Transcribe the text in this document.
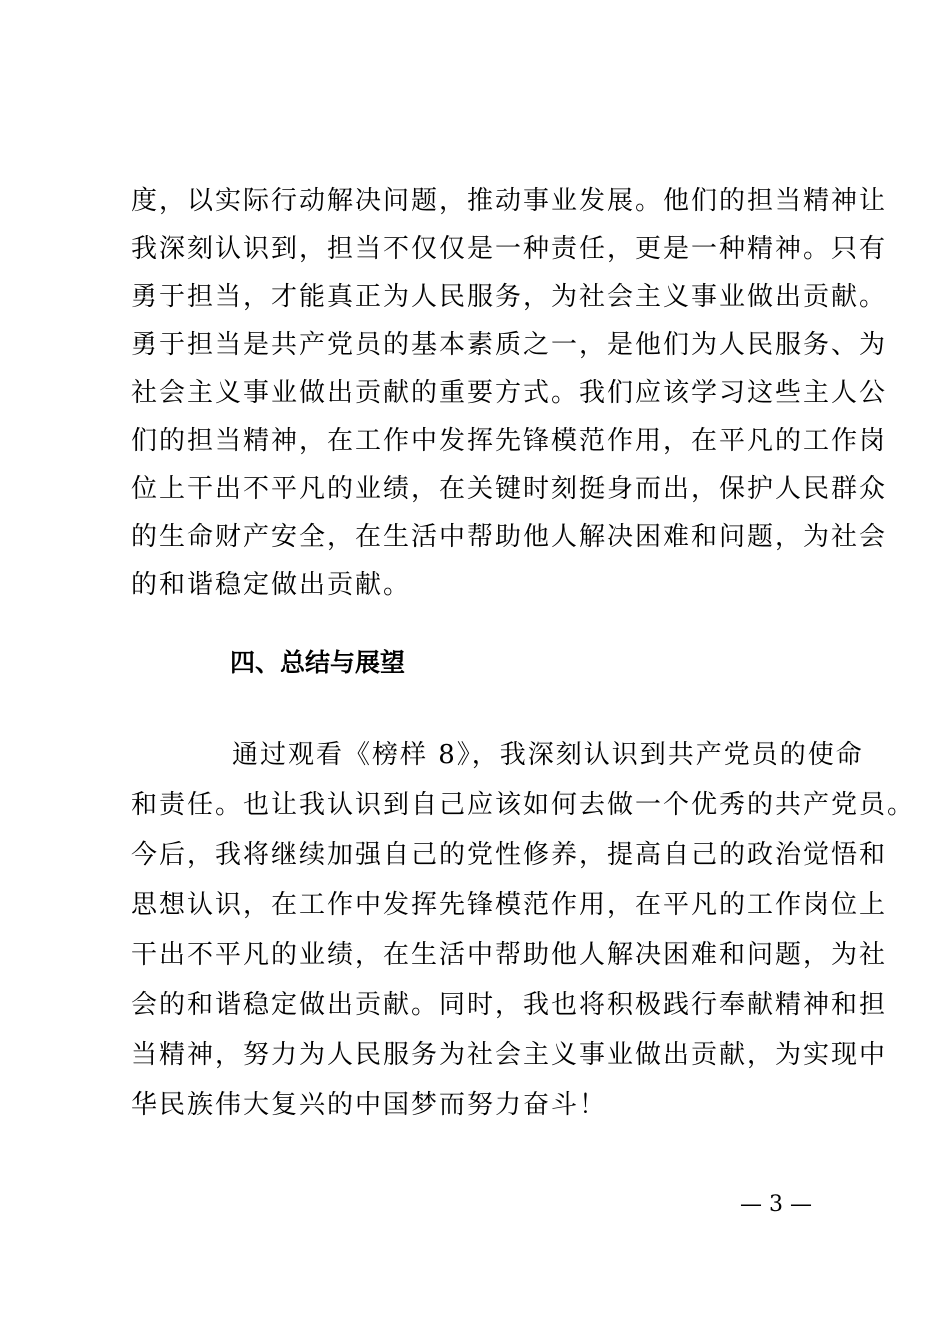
度，以实际行动解决问题，推动事业发展。他们的担当精神让
我深刻认识到，担当不仅仅是一种责任，更是一种精神。只有
勇于担当，才能真正为人民服务，为社会主义事业做出贡献。
勇于担当是共产党员的基本素质之一，是他们为人民服务、为
社会主义事业做出贡献的重要方式。我们应该学习这些主人公
们的担当精神，在工作中发挥先锋模范作用，在平凡的工作岗
位上干出不平凡的业绩，在关键时刻挺身而出，保护人民群众
的生命财产安全，在生活中帮助他人解决困难和问题，为社会
的和谐稳定做出贡献。
四、总结与展望
通过观看《榜样 8》，我深刻认识到共产党员的使命
和责任。也让我认识到自己应该如何去做一个优秀的共产党员。
今后，我将继续加强自己的党性修养，提高自己的政治觉悟和
思想认识，在工作中发挥先锋模范作用，在平凡的工作岗位上
干出不平凡的业绩，在生活中帮助他人解决困难和问题，为社
会的和谐稳定做出贡献。同时，我也将积极践行奉献精神和担
当精神，努力为人民服务为社会主义事业做出贡献，为实现中
华民族伟大复兴的中国梦而努力奋斗！
— 3 —
